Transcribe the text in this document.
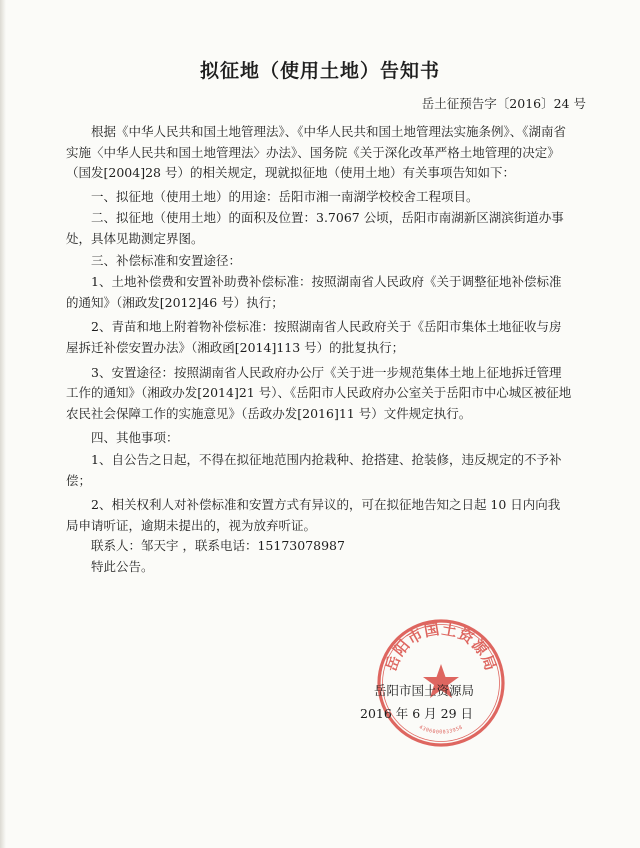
拟征地（使用土地）告知书
岳土征预告字〔2016〕24 号

根据《中华人民共和国土地管理法》、《中华人民共和国土地管理法实施条例》、《湖南省实施〈中华人民共和国土地管理法〉办法》、国务院《关于深化改革严格土地管理的决定》（国发[2004]28 号）的相关规定，现就拟征地（使用土地）有关事项告知如下：

一、拟征地（使用土地）的用途：岳阳市湘一南湖学校校舍工程项目。

二、拟征地（使用土地）的面积及位置：3.7067 公顷，岳阳市南湖新区湖滨街道办事处，具体见勘测定界图。

三、补偿标准和安置途径：

1、土地补偿费和安置补助费补偿标准：按照湖南省人民政府《关于调整征地补偿标准的通知》（湘政发[2012]46 号）执行；

2、青苗和地上附着物补偿标准：按照湖南省人民政府关于《岳阳市集体土地征收与房屋拆迁补偿安置办法》（湘政函[2014]113 号）的批复执行；

3、安置途径：按照湖南省人民政府办公厅《关于进一步规范集体土地上征地拆迁管理工作的通知》（湘政办发[2014]21 号）、《岳阳市人民政府办公室关于岳阳市中心城区被征地农民社会保障工作的实施意见》（岳政办发[2016]11 号）文件规定执行。

四、其他事项：

1、自公告之日起，不得在拟征地范围内抢栽种、抢搭建、抢装修，违反规定的不予补偿；

2、相关权利人对补偿标准和安置方式有异议的，可在拟征地告知之日起 10 日内向我局申请听证，逾期未提出的，视为放弃听证。

联系人：邹天宇 ，联系电话：15173078987

特此公告。

岳阳市国土资源局
4306000033958
岳阳市国土资源局
2016 年 6 月 29 日
